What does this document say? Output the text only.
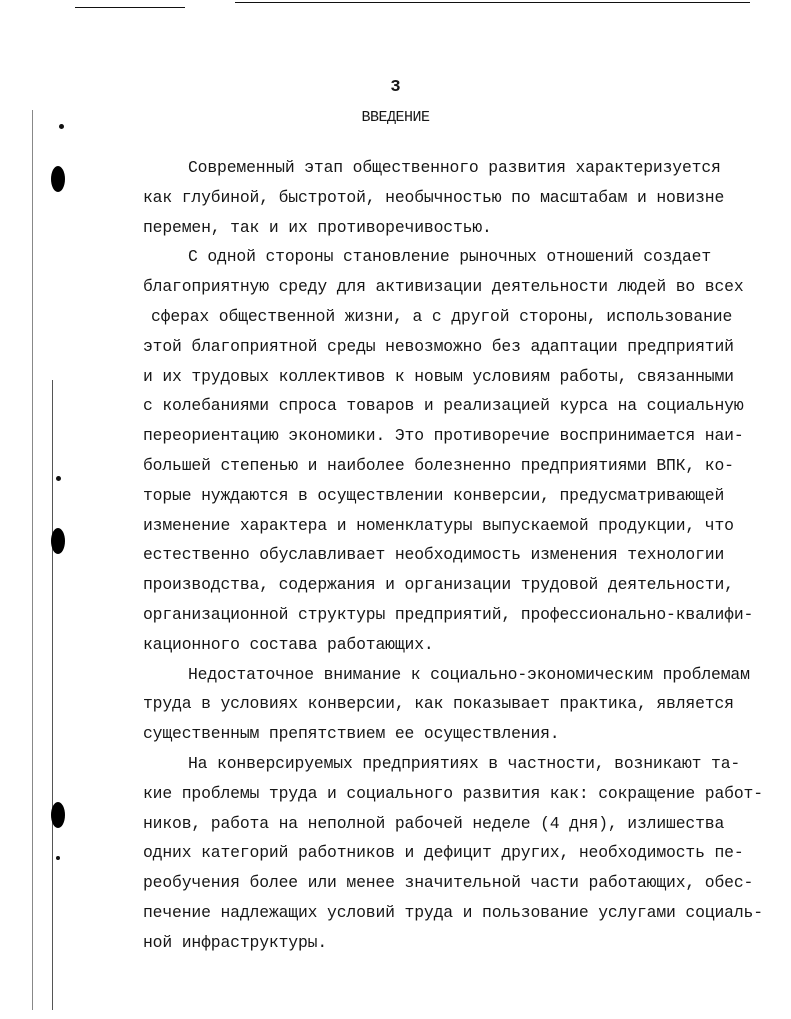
3
ВВЕДЕНИЕ
Современный этап общественного развития характеризуется
как глубиной, быстротой, необычностью по масштабам и новизне
перемен, так и их противоречивостью.
С одной стороны становление рыночных отношений создает
благоприятную среду для активизации деятельности людей во всех
сферах общественной жизни, а с другой стороны, использование
этой благоприятной среды невозможно без адаптации предприятий
и их трудовых коллективов к новым условиям работы, связанными
с колебаниями спроса товаров и реализацией курса на социальную
переориентацию экономики. Это противоречие воспринимается наи-
большей степенью и наиболее болезненно предприятиями ВПК, ко-
торые нуждаются в осуществлении конверсии, предусматривающей
изменение характера и номенклатуры выпускаемой продукции, что
естественно обуславливает необходимость изменения технологии
производства, содержания и организации трудовой деятельности,
организационной структуры предприятий, профессионально-квалифи-
кационного состава работающих.
Недостаточное внимание к социально-экономическим проблемам
труда в условиях конверсии, как показывает практика, является
существенным препятствием ее осуществления.
На конверсируемых предприятиях в частности, возникают та-
кие проблемы труда и социального развития как: сокращение работ-
ников, работа на неполной рабочей неделе (4 дня), излишества
одних категорий работников и дефицит других, необходимость пе-
реобучения более или менее значительной части работающих, обес-
печение надлежащих условий труда и пользование услугами социаль-
ной инфраструктуры.
